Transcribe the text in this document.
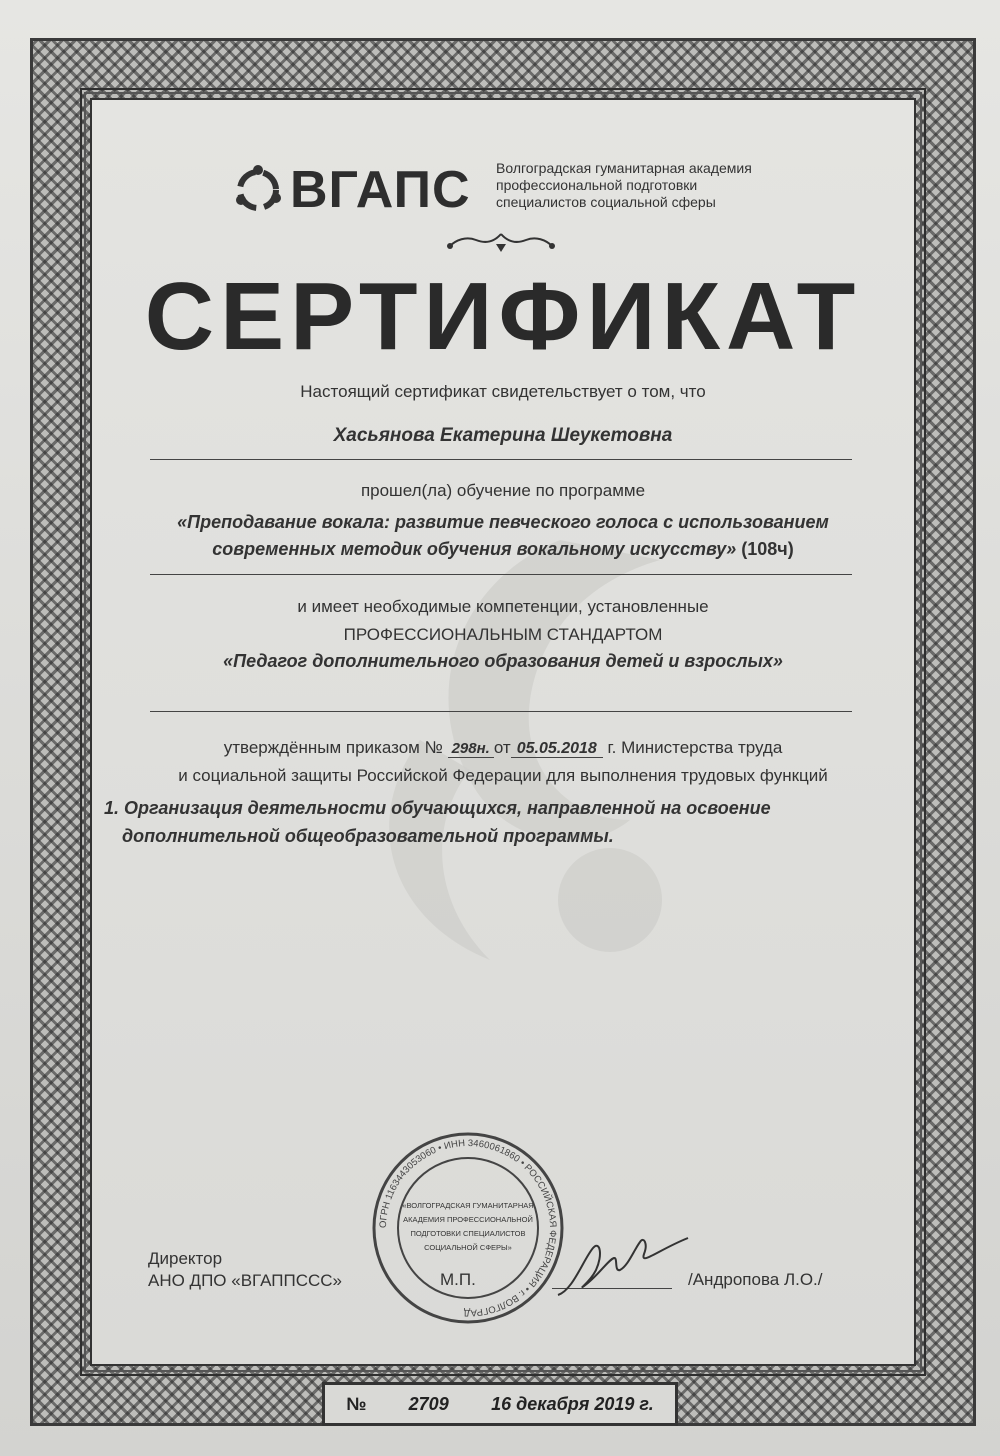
ВГАПС Волгоградская гуманитарная академия
профессиональной подготовки
специалистов социальной сферы
СЕРТИФИКАТ
Настоящий сертификат свидетельствует о том, что
Хасьянова Екатерина Шеукетовна
прошел(ла) обучение по программе
«Преподавание вокала: развитие певческого голоса с использованием
современных методик обучения вокальному искусству» (108ч)
и имеет необходимые компетенции, установленные
ПРОФЕССИОНАЛЬНЫМ СТАНДАРТОМ
«Педагог дополнительного образования детей и взрослых»
утверждённым приказом № 298н. от 05.05.2018 г. Министерства труда
и социальной защиты Российской Федерации для выполнения трудовых функций
1. Организация деятельности обучающихся, направленной на освоение
дополнительной общеобразовательной программы.
ОГРН 1163443053060 • ИНН 3460061860 • РОССИЙСКАЯ ФЕДЕРАЦИЯ • г. ВОЛГОГРАД
«ВОЛГОГРАДСКАЯ ГУМАНИТАРНАЯ
АКАДЕМИЯ ПРОФЕССИОНАЛЬНОЙ
ПОДГОТОВКИ СПЕЦИАЛИСТОВ
СОЦИАЛЬНОЙ СФЕРЫ»
Директор
АНО ДПО «ВГАППССС»	М.П.	/Андропова Л.О./
№ 2709 16 декабря 2019 г.
